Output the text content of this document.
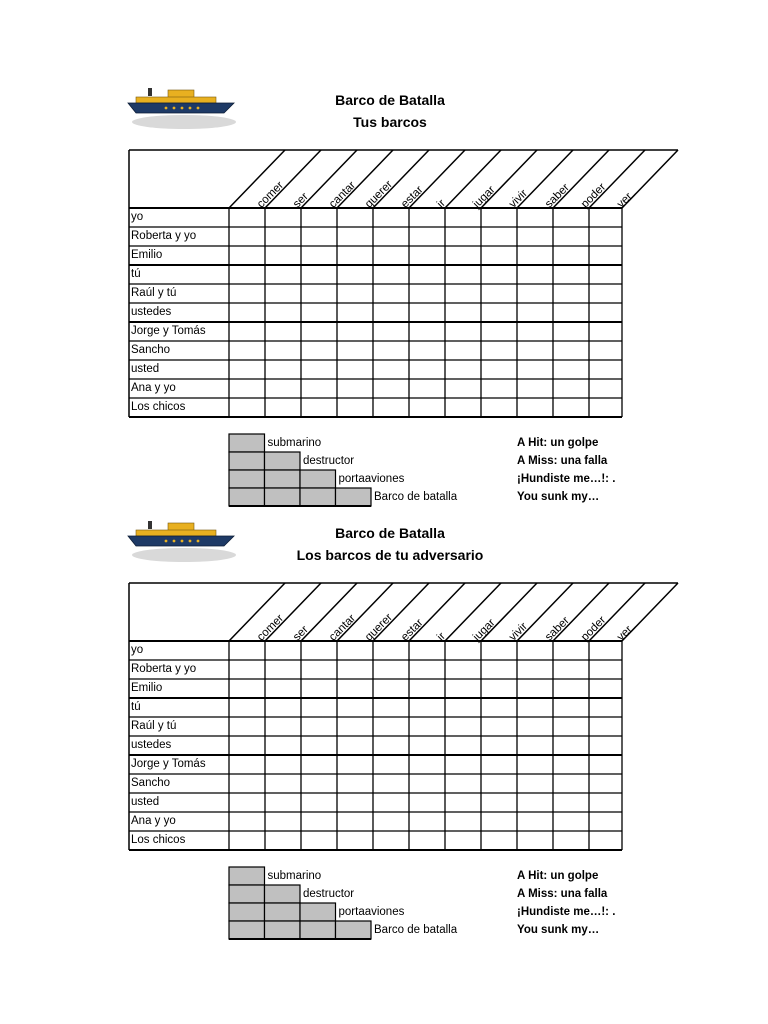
Barco de Batalla
Tus barcos
yo
Roberta y yo
Emilio
tú
Raúl y tú
ustedes
Jorge y Tomás
Sancho
usted
Ana y yo
Los chicos
comer ser cantar querer estar ir jugar vivir saber poder ver
submarino
destructor
portaaviones
Barco de batalla
A Hit: un golpe
A Miss: una falla
¡Hundiste me…!: .
You sunk my…
Barco de Batalla
Los barcos de tu adversario
yo
Roberta y yo
Emilio
tú
Raúl y tú
ustedes
Jorge y Tomás
Sancho
usted
Ana y yo
Los chicos
comer ser cantar querer estar ir jugar vivir saber poder ver
submarino
destructor
portaaviones
Barco de batalla
A Hit: un golpe
A Miss: una falla
¡Hundiste me…!: .
You sunk my…
